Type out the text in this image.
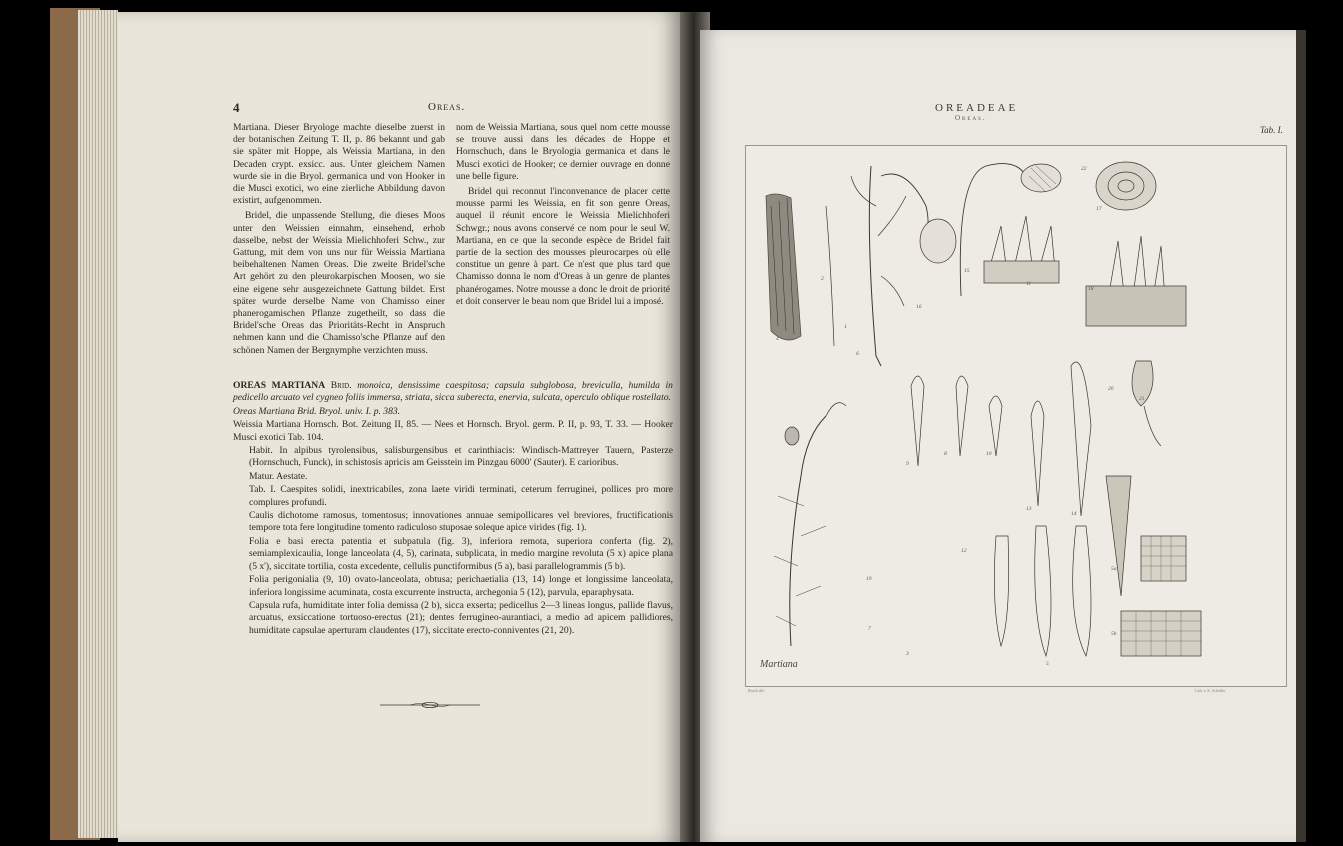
4	Oreas.

Martiana. Dieser Bryologe machte dieselbe zuerst in der botanischen Zeitung T. II, p. 86 bekannt und gab sie später mit Hoppe, als Weissia Martiana, in den Decaden crypt. exsicc. aus. Unter gleichem Namen wurde sie in die Bryol. germanica und von Hooker in die Musci exotici, wo eine zierliche Abbildung davon existirt, aufgenommen.

Bridel, die unpassende Stellung, die dieses Moos unter den Weissien einnahm, einsehend, erhob dasselbe, nebst der Weissia Mielichhoferi Schw., zur Gattung, mit dem von uns nur für Weissia Martiana beibehaltenen Namen Oreas. Die zweite Bridel'sche Art gehört zu den pleurokarpischen Moosen, wo sie eine eigene sehr ausgezeichnete Gattung bildet. Erst später wurde derselbe Name von Chamisso einer phanerogamischen Pflanze zugetheilt, so dass die Bridel'sche Oreas das Prioritäts-Recht in Anspruch nehmen kann und die Chamisso'sche Pflanze auf den schönen Namen der Bergnymphe verzichten muss.

nom de Weissia Martiana, sous quel nom cette mousse se trouve aussi dans les décades de Hoppe et Hornschuch, dans le Bryologia germanica et dans le Musci exotici de Hooker; ce dernier ouvrage en donne une belle figure.

Bridel qui reconnut l'inconvenance de placer cette mousse parmi les Weissia, en fit son genre Oreas, auquel il réunit encore le Weissia Mielichhoferi Schwgr.; nous avons conservé ce nom pour le seul W. Martiana, en ce que la seconde espèce de Bridel fait partie de la section des mousses pleurocarpes où elle constitue un genre à part. Ce n'est que plus tard que Chamisso donna le nom d'Oreas à un genre de plantes phanérogames. Notre mousse a donc le droit de priorité et doit conserver le beau nom que Bridel lui a imposé.

OREAS MARTIANA Brid. monoica, densissime caespitosa; capsula subglobosa, breviculla, humilda in pedicello arcuato vel cygneo foliis immersa, striata, sicca suberecta, enervia, sulcata, operculo oblique rostellato.

Oreas Martiana Brid. Bryol. univ. I. p. 383.

Weissia Martiana Hornsch. Bot. Zeitung II, 85. — Nees et Hornsch. Bryol. germ. P. II, p. 93, T. 33. — Hooker Musci exotici Tab. 104.

Habit. In alpibus tyrolensibus, salisburgensibus et carinthiacis: Windisch-Mattreyer Tauern, Pasterze (Hornschuch, Funck), in schistosis apricis am Geisstein im Pinzgau 6000' (Sauter). E carioribus.

Matur. Aestate.

Tab. I. Caespites solidi, inextricabiles, zona laete viridi terminati, ceterum ferruginei, pollices pro more complures profundi.

Caulis dichotome ramosus, tomentosus; innovationes annuae semipollicares vel breviores, fructificationis tempore tota fere longitudine tomento radiculoso stuposae soleque apice virides (fig. 1).

Folia e basi erecta patentia et subpatula (fig. 3), inferiora remota, superiora conferta (fig. 2), semiamplexicaulia, longe lanceolata (4, 5), carinata, subplicata, in medio margine revoluta (5 x) apice plana (5 x'), siccitate tortilia, costa excedente, cellulis punctiformibus (5 a), basi parallelogrammis (5 b).

Folia perigonialia (9, 10) ovato-lanceolata, obtusa; perichaetialia (13, 14) longe et longissime lanceolata, inferiora longissime acuminata, costa excurrente instructa, archegonia 5 (12), parvula, eparaphysata.

Capsula rufa, humiditate inter folia demissa (2 b), sicca exserta; pedicellus 2—3 lineas longus, pallide flavus, arcuatus, exsiccatione tortuoso-erectus (21); dentes ferrugineo-aurantiaci, a medio ad apicem pallidiores, humiditate capsulae aperturam claudentes (17), siccitate erecto-conniventes (21, 20).

OREADEAE
Oreas.
Tab. I.
1
2
3
4
5
6
7
8
9
10
11
12
13
14
15
16
17
18
19
20
21
22
5a
5b
Martiana
Bruch del.	Lith. v. E. Schaller.
